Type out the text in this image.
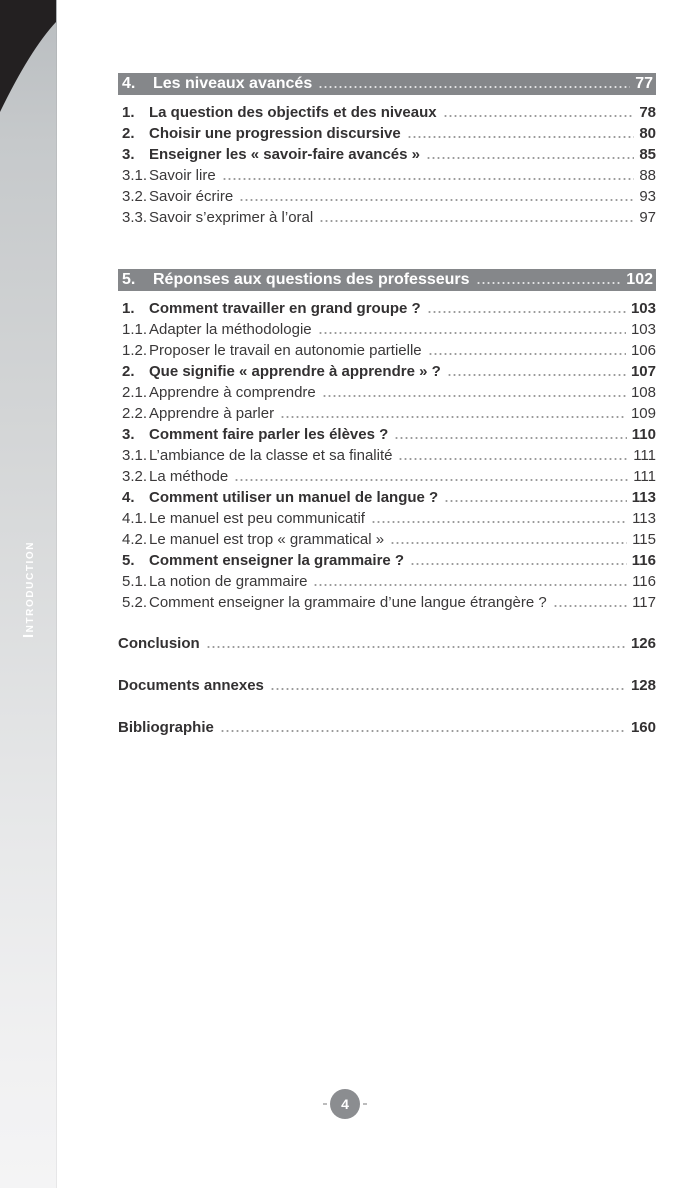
Introduction
4.	Les niveaux avancés	77
1. La question des objectifs et des niveaux	78
2. Choisir une progression discursive	80
3. Enseigner les « savoir-faire avancés »	85
3.1. Savoir lire	88
3.2. Savoir écrire	93
3.3. Savoir s’exprimer à l’oral	97
5.	Réponses aux questions des professeurs	102
1. Comment travailler en grand groupe ?	103
1.1. Adapter la méthodologie	103
1.2. Proposer le travail en autonomie partielle	106
2. Que signifie « apprendre à apprendre » ?	107
2.1. Apprendre à comprendre	108
2.2. Apprendre à parler	109
3. Comment faire parler les élèves ?	110
3.1. L’ambiance de la classe et sa finalité	111
3.2. La méthode	111
4. Comment utiliser un manuel de langue ?	113
4.1. Le manuel est peu communicatif	113
4.2. Le manuel est trop « grammatical »	115
5. Comment enseigner la grammaire ?	116
5.1. La notion de grammaire	116
5.2. Comment enseigner la grammaire d’une langue étrangère ?	117
Conclusion	126
Documents annexes	128
Bibliographie	160
4
